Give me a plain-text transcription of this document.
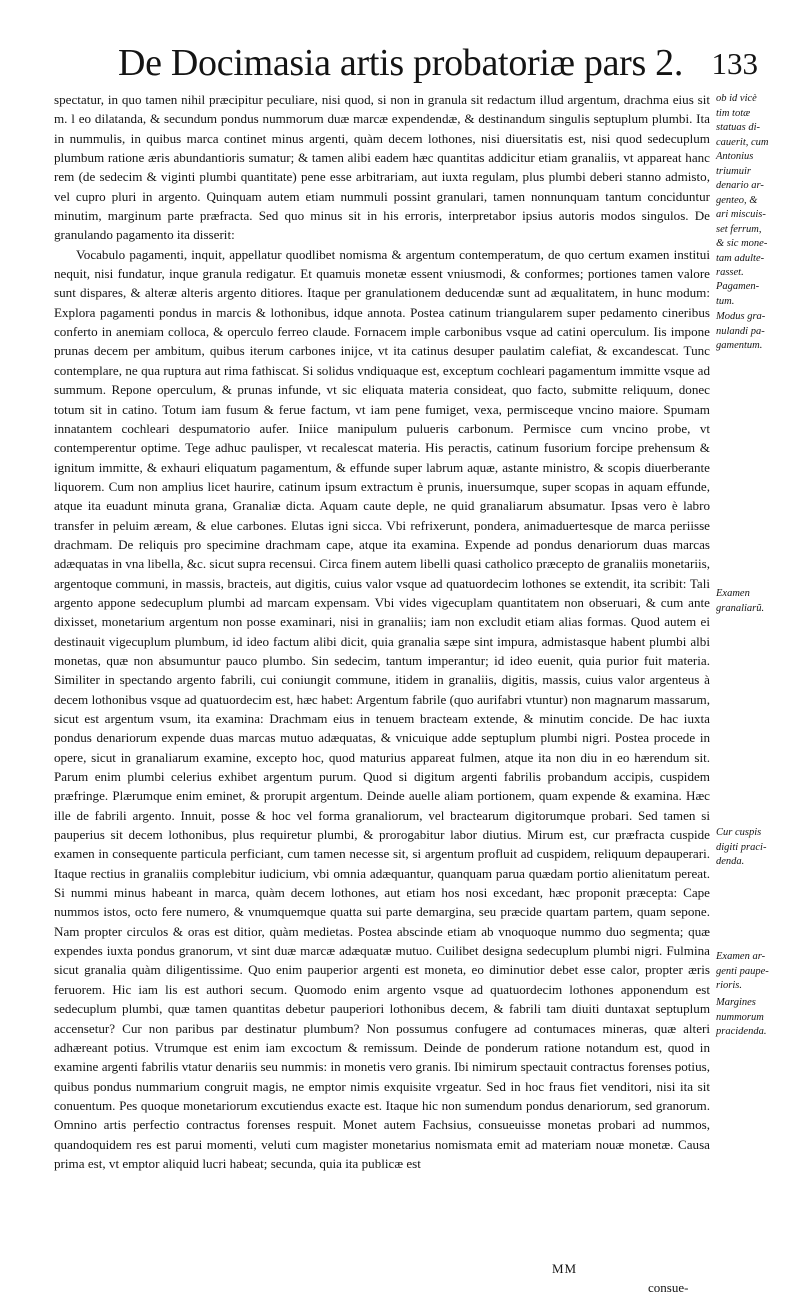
De Docimasia artis probatoriæ pars 2. 133

spectatur, in quo tamen nihil præcipitur peculiare, nisi quod, si non in granula sit redactum illud argentum, drachma eius sit m. l eo dilatanda, & secundum pondus nummorum duæ marcæ expendendæ, & destinandum singulis septuplum plumbi. Ita in nummulis, in quibus marca continet minus argenti, quàm decem lothones, nisi diuersitatis est, nisi quod sedecuplum plumbum ratione æris abundantioris sumatur; & tamen alibi eadem hæc quantitas addicitur etiam granaliis, vt appareat hanc rem (de sedecim & viginti plumbi quantitate) pene esse arbitrariam, aut iuxta regulam, plus plumbi deberi stanno admisto, vel cupro pluri in argento. Quinquam autem etiam nummuli possint granulari, tamen nonnunquam tantum conciduntur minutim, marginum parte præfracta. Sed quo minus sit in his erroris, interpretabor ipsius autoris modos singulos. De granulando pagamento ita disserit:

Vocabulo pagamenti, inquit, appellatur quodlibet nomisma & argentum contemperatum, de quo certum examen institui nequit, nisi fundatur, inque granula redigatur. Et quamuis monetæ essent vniusmodi, & conformes; portiones tamen valore sunt dispares, & alteræ alteris argento ditiores. Itaque per granulationem deducendæ sunt ad æqualitatem, in hunc modum: Explora pagamenti pondus in marcis & lothonibus, idque annota. Postea catinum triangularem super pedamento cineribus conferto in anemiam colloca, & operculo ferreo claude. Fornacem imple carbonibus vsque ad catini operculum. Iis impone prunas decem per ambitum, quibus iterum carbones inijce, vt ita catinus desuper paulatim calefiat, & excandescat. Tunc contemplare, ne qua ruptura aut rima fathiscat. Si solidus vndiquaque est, exceptum cochleari pagamentum immitte vsque ad summum. Repone operculum, & prunas infunde, vt sic eliquata materia consideat, quo facto, submitte reliquum, donec totum sit in catino. Totum iam fusum & ferue factum, vt iam pene fumiget, vexa, permisceque vncino maiore. Spumam innatantem cochleari despumatorio aufer. Iniice manipulum pulueris carbonum. Permisce cum vncino probe, vt contemperentur optime. Tege adhuc paulisper, vt recalescat materia. His peractis, catinum fusorium forcipe prehensum & ignitum immitte, & exhauri eliquatum pagamentum, & effunde super labrum aquæ, astante ministro, & scopis diuerberante liquorem. Cum non amplius licet haurire, catinum ipsum extractum è prunis, inuersumque, super scopas in aquam effunde, atque ita euadunt minuta grana, Granaliæ dicta. Aquam caute deple, ne quid granaliarum absumatur. Ipsas vero è labro transfer in peluim æream, & elue carbones. Elutas igni sicca. Vbi refrixerunt, pondera, animaduertesque de marca periisse drachmam. De reliquis pro specimine drachmam cape, atque ita examina. Expende ad pondus denariorum duas marcas adæquatas in vna libella, &c. sicut supra recensui. Circa finem autem libelli quasi catholico præcepto de granaliis monetariis, argentoque communi, in massis, bracteis, aut digitis, cuius valor vsque ad quatuordecim lothones se extendit, ita scribit: Tali argento appone sedecuplum plumbi ad marcam expensam. Vbi vides vigecuplam quantitatem non obseruari, & cum ante dixisset, monetarium argentum non posse examinari, nisi in granaliis; iam non excludit etiam alias formas. Quod autem ei destinauit vigecuplum plumbum, id ideo factum alibi dicit, quia granalia sæpe sint impura, admistasque habent plumbi albi monetas, quæ non absumuntur pauco plumbo. Sin sedecim, tantum imperantur; id ideo euenit, quia purior fuit materia. Similiter in spectando argento fabrili, cui coniungit commune, itidem in granaliis, digitis, massis, cuius valor argenteus à decem lothonibus vsque ad quatuordecim est, hæc habet: Argentum fabrile (quo aurifabri vtuntur) non magnarum massarum, sicut est argentum vsum, ita examina: Drachmam eius in tenuem bracteam extende, & minutim concide. De hac iuxta pondus denariorum expende duas marcas mutuo adæquatas, & vnicuique adde septuplum plumbi nigri. Postea procede in opere, sicut in granaliarum examine, excepto hoc, quod maturius appareat fulmen, atque ita non diu in eo hærendum sit. Parum enim plumbi celerius exhibet argentum purum. Quod si digitum argenti fabrilis probandum accipis, cuspidem præfringe. Plærumque enim eminet, & prorupit argentum. Deinde auelle aliam portionem, quam expende & examina. Hæc ille de fabrili argento. Innuit, posse & hoc vel forma granaliorum, vel bractearum digitorumque probari. Sed tamen si pauperius sit decem lothonibus, plus requiretur plumbi, & prorogabitur labor diutius. Mirum est, cur præfracta cuspide examen in consequente particula perficiant, cum tamen necesse sit, si argentum profluit ad cuspidem, reliquum depauperari. Itaque rectius in granaliis complebitur iudicium, vbi omnia adæquantur, quanquam parua quædam portio alienitatum pereat. Si nummi minus habeant in marca, quàm decem lothones, aut etiam hos nosi excedant, hæc proponit præcepta: Cape nummos istos, octo fere numero, & vnumquemque quatta sui parte demargina, seu præcide quartam partem, quam sepone. Nam propter circulos & oras est ditior, quàm medietas. Postea abscinde etiam ab vnoquoque nummo duo segmenta; quæ expendes iuxta pondus granorum, vt sint duæ marcæ adæquatæ mutuo. Cuilibet designa sedecuplum plumbi nigri. Fulmina sicut granalia quàm diligentissime. Quo enim pauperior argenti est moneta, eo diminutior debet esse calor, propter æris feruorem. Hic iam lis est authori secum. Quomodo enim argento vsque ad quatuordecim lothones apponendum est sedecuplum plumbi, quæ tamen quantitas debetur pauperiori lothonibus decem, & fabrili tam diuiti duntaxat septuplum accensetur? Cur non paribus par destinatur plumbum? Non possumus confugere ad contumaces mineras, quæ alteri adhæreant potius. Vtrumque est enim iam excoctum & remissum. Deinde de ponderum ratione notandum est, quod in examine argenti fabrilis vtatur denariis seu nummis: in monetis vero granis. Ibi nimirum spectauit contractus forenses potius, quibus pondus nummarium congruit magis, ne emptor nimis exquisite vrgeatur. Sed in hoc fraus fiet venditori, nisi ita sit conuentum. Pes quoque monetariorum excutiendus exacte est. Itaque hic non sumendum pondus denariorum, sed granorum. Omnino artis perfectio contractus forenses respuit. Monet autem Fachsius, consueuisse monetas probari ad nummos, quandoquidem res est parui momenti, veluti cum magister monetarius nomismata emit ad materiam nouæ monetæ. Causa prima est, vt emptor aliquid lucri habeat; secunda, quia ita publicæ est

ob id vicè
tim totæ
statuas di-
cauerit, cum
Antonius
triumuir
denario ar-
genteo, &
ari miscuis-
set ferrum,
& sic mone-
tam adulte-
rasset.
Pagamen-
tum.
Modus gra-
nulandi pa-
gamentum.
Examen
granaliarũ.
Cur cuspis
digiti praci-
denda.
Examen ar-
genti paupe-
rioris.
Margines
nummorum
pracidenda.
MM
consue-
